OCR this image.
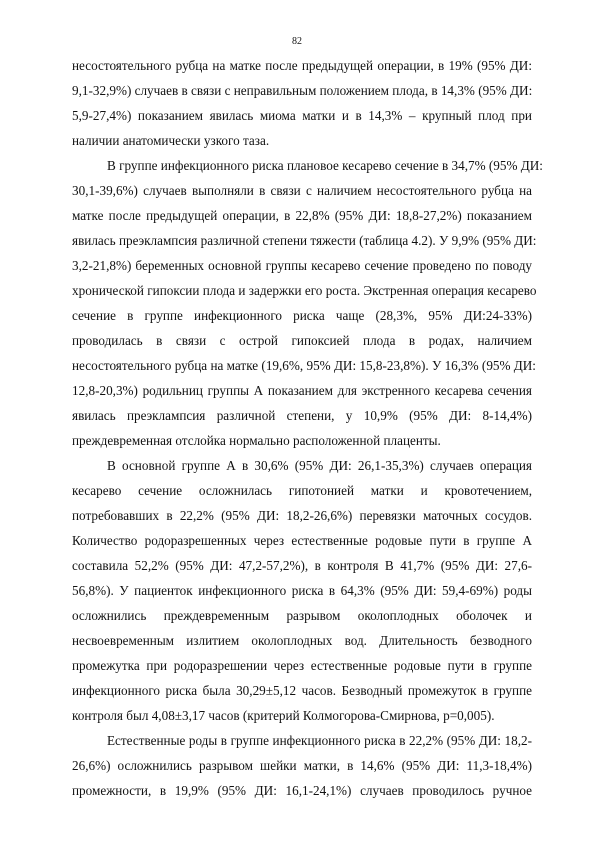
82
несостоятельного рубца на матке после предыдущей операции, в 19% (95% ДИ:
9,1-32,9%) случаев в связи с неправильным положением плода, в 14,3% (95% ДИ:
5,9-27,4%) показанием явилась миома матки и в 14,3% – крупный плод при
наличии анатомически узкого таза.
В группе инфекционного риска плановое кесарево сечение в 34,7% (95% ДИ:
30,1-39,6%) случаев выполняли в связи с наличием несостоятельного рубца на
матке после предыдущей операции, в 22,8% (95% ДИ: 18,8-27,2%) показанием
явилась преэклампсия различной степени тяжести (таблица 4.2). У 9,9% (95% ДИ:
3,2-21,8%) беременных основной группы кесарево сечение проведено по поводу
хронической гипоксии плода и задержки его роста. Экстренная операция кесарево
сечение в группе инфекционного риска чаще (28,3%, 95% ДИ:24-33%)
проводилась в связи с острой гипоксией плода в родах, наличием
несостоятельного рубца на матке (19,6%, 95% ДИ: 15,8-23,8%). У 16,3% (95% ДИ:
12,8-20,3%) родильниц группы А показанием для экстренного кесарева сечения
явилась преэклампсия различной степени, у 10,9% (95% ДИ: 8-14,4%)
преждевременная отслойка нормально расположенной плаценты.
В основной группе А в 30,6% (95% ДИ: 26,1-35,3%) случаев операция
кесарево сечение осложнилась гипотонией матки и кровотечением,
потребовавших в 22,2% (95% ДИ: 18,2-26,6%) перевязки маточных сосудов.
Количество родоразрешенных через естественные родовые пути в группе А
составила 52,2% (95% ДИ: 47,2-57,2%), в контроля В 41,7% (95% ДИ: 27,6-
56,8%). У пациенток инфекционного риска в 64,3% (95% ДИ: 59,4-69%) роды
осложнились преждевременным разрывом околоплодных оболочек и
несвоевременным излитием околоплодных вод. Длительность безводного
промежутка при родоразрешении через естественные родовые пути в группе
инфекционного риска была 30,29±5,12 часов. Безводный промежуток в группе
контроля был 4,08±3,17 часов (критерий Колмогорова-Смирнова, р=0,005).
Естественные роды в группе инфекционного риска в 22,2% (95% ДИ: 18,2-
26,6%) осложнились разрывом шейки матки, в 14,6% (95% ДИ: 11,3-18,4%)
промежности, в 19,9% (95% ДИ: 16,1-24,1%) случаев проводилось ручное
